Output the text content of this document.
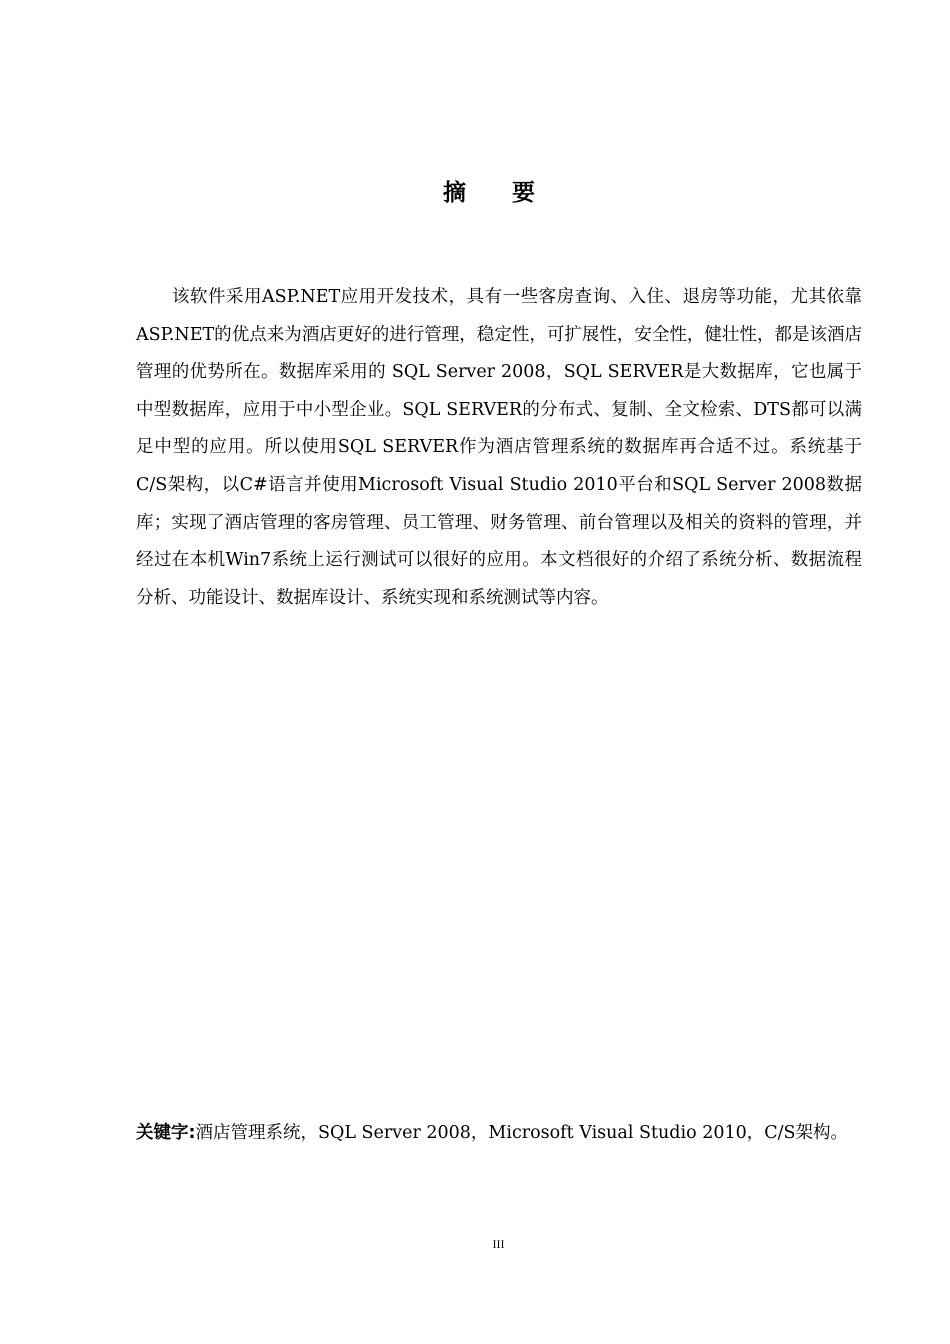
摘 要

该软件采用ASP.NET应用开发技术，具有一些客房查询、入住、退房等功能，尤其依靠ASP.NET的优点来为酒店更好的进行管理，稳定性，可扩展性，安全性，健壮性，都是该酒店管理的优势所在。数据库采用的 SQL Server 2008，SQL SERVER是大数据库，它也属于中型数据库，应用于中小型企业。SQL SERVER的分布式、复制、全文检索、DTS都可以满足中型的应用。所以使用SQL SERVER作为酒店管理系统的数据库再合适不过。系统基于C/S架构，以C#语言并使用Microsoft Visual Studio 2010平台和SQL Server 2008数据库；实现了酒店管理的客房管理、员工管理、财务管理、前台管理以及相关的资料的管理，并经过在本机Win7系统上运行测试可以很好的应用。本文档很好的介绍了系统分析、数据流程分析、功能设计、数据库设计、系统实现和系统测试等内容。

关键字:酒店管理系统，SQL Server 2008，Microsoft Visual Studio 2010，C/S架构。

III
